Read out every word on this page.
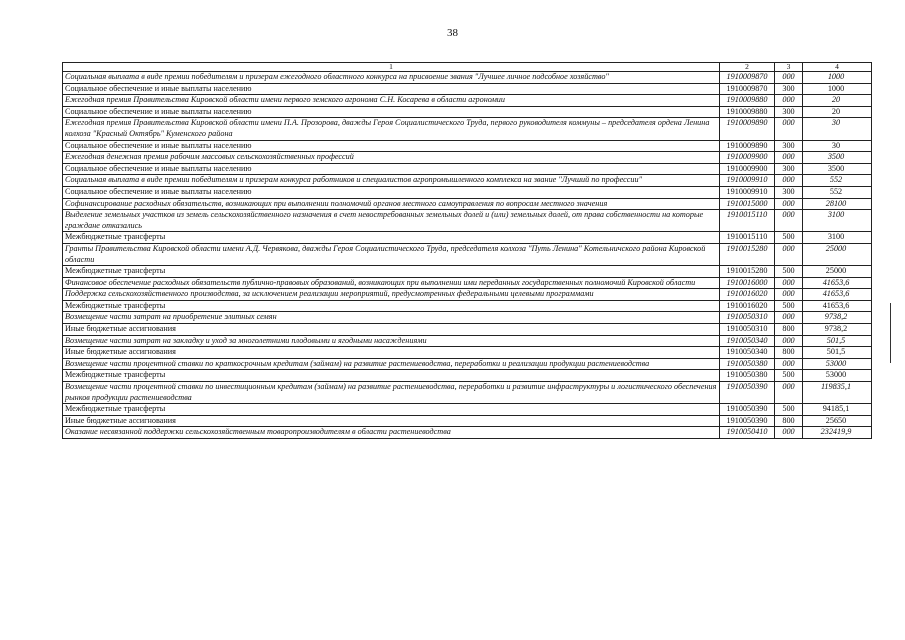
38
1	2	3	4
Социальная выплата в виде премии победителям и призерам ежегодного областного конкурса на присвоение звания "Лучшее личное подсобное хозяйство"	1910009870	000	1000
Социальное обеспечение и иные выплаты населению	1910009870	300	1000
Ежегодная премия Правительства Кировской области имени первого земского агронома С.Н. Косарева в области агрономии	1910009880	000	20
Социальное обеспечение и иные выплаты населению	1910009880	300	20
Ежегодная премия Правительства Кировской области имени П.А. Прозорова, дважды Героя Социалистического Труда, первого руководителя коммуны – председателя ордена Ленина колхоза "Красный Октябрь" Куменского района	1910009890	000	30
Социальное обеспечение и иные выплаты населению	1910009890	300	30
Ежегодная денежная премия рабочим массовых сельскохозяйственных профессий	1910009900	000	3500
Социальное обеспечение и иные выплаты населению	1910009900	300	3500
Социальная выплата в виде премии победителям и призерам конкурса работников и специалистов агропромышленного комплекса на звание "Лучший по профессии"	1910009910	000	552
Социальное обеспечение и иные выплаты населению	1910009910	300	552
Софинансирование расходных обязательств, возникающих при выполнении полномочий органов местного самоуправления по вопросам местного значения	1910015000	000	28100
Выделение земельных участков из земель сельскохозяйственного назначения в счет невостребованных земельных долей и (или) земельных долей, от права собственности на которые граждане отказались	1910015110	000	3100
Межбюджетные трансферты	1910015110	500	3100
Гранты Правительства Кировской области имени А.Д. Червякова, дважды Героя Социалистического Труда, председателя колхоза "Путь Ленина" Котельничского района Кировской области	1910015280	000	25000
Межбюджетные трансферты	1910015280	500	25000
Финансовое обеспечение расходных обязательств публично-правовых образований, возникающих при выполнении ими переданных государственных полномочий Кировской области	1910016000	000	41653,6
Поддержка сельскохозяйственного производства, за исключением реализации мероприятий, предусмотренных федеральными целевыми программами	1910016020	000	41653,6
Межбюджетные трансферты	1910016020	500	41653,6
Возмещение части затрат на приобретение элитных семян	1910050310	000	9738,2
Иные бюджетные ассигнования	1910050310	800	9738,2
Возмещение части затрат на закладку и уход за многолетними плодовыми и ягодными насаждениями	1910050340	000	501,5
Иные бюджетные ассигнования	1910050340	800	501,5
Возмещение части процентной ставки по краткосрочным кредитам (займам) на развитие растениеводства, переработки и реализации продукции растениеводства	1910050380	000	53000
Межбюджетные трансферты	1910050380	500	53000
Возмещение части процентной ставки по инвестиционным кредитам (займам) на развитие растениеводства, переработки и развитие инфраструктуры и логистического обеспечения рынков продукции растениеводства	1910050390	000	119835,1
Межбюджетные трансферты	1910050390	500	94185,1
Иные бюджетные ассигнования	1910050390	800	25650
Оказание несвязанной поддержки сельскохозяйственным товаропроизводителям в области растениеводства	1910050410	000	232419,9
